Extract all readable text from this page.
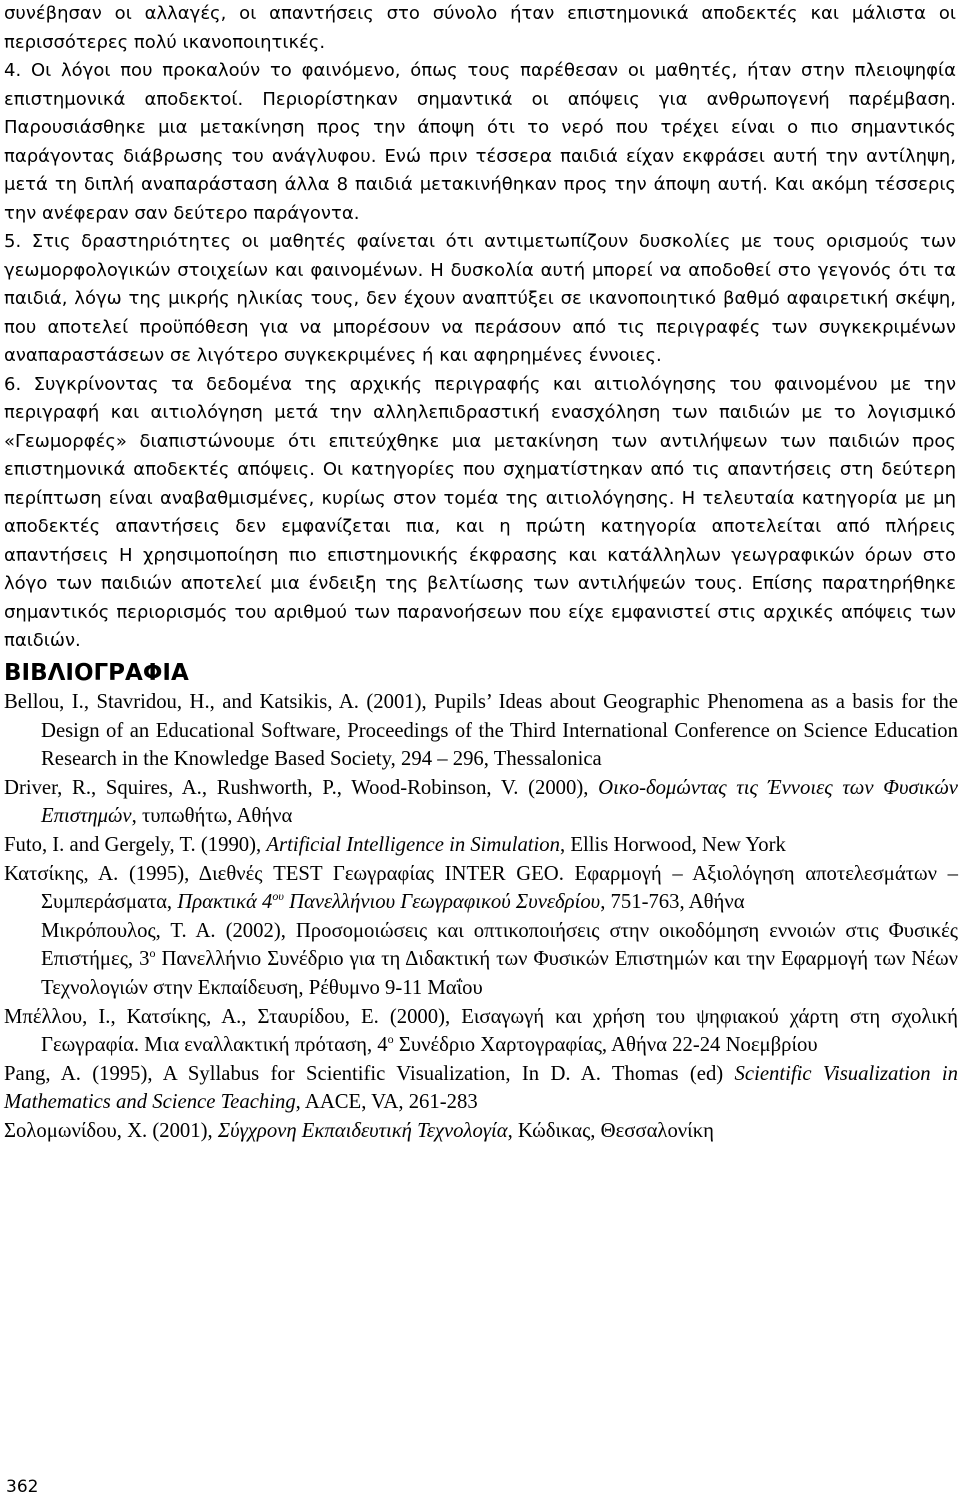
συνέβησαν οι αλλαγές, οι απαντήσεις στο σύνολο ήταν επιστημονικά αποδεκτές και μάλιστα οι περισσότερες πολύ ικανοποιητικές.

4. Οι λόγοι που προκαλούν το φαινόμενο, όπως τους παρέθεσαν οι μαθητές, ήταν στην πλειοψηφία επιστημονικά αποδεκτοί. Περιορίστηκαν σημαντικά οι απόψεις για ανθρωπογενή παρέμβαση. Παρουσιάσθηκε μια μετακίνηση προς την άποψη ότι το νερό που τρέχει είναι ο πιο σημαντικός παράγοντας διάβρωσης του ανάγλυφου. Ενώ πριν τέσσερα παιδιά είχαν εκφράσει αυτή την αντίληψη, μετά τη διπλή αναπαράσταση άλλα 8 παιδιά μετακινήθηκαν προς την άποψη αυτή. Και ακόμη τέσσερις την ανέφεραν σαν δεύτερο παράγοντα.

5. Στις δραστηριότητες οι μαθητές φαίνεται ότι αντιμετωπίζουν δυσκολίες με τους ορισμούς των γεωμορφολογικών στοιχείων και φαινομένων. Η δυσκολία αυτή μπορεί να αποδοθεί στο γεγονός ότι τα παιδιά, λόγω της μικρής ηλικίας τους, δεν έχουν αναπτύξει σε ικανοποιητικό βαθμό αφαιρετική σκέψη, που αποτελεί προϋπόθεση για να μπορέσουν να περάσουν από τις περιγραφές των συγκεκριμένων αναπαραστάσεων σε λιγότερο συγκεκριμένες ή και αφηρημένες έννοιες.

6. Συγκρίνοντας τα δεδομένα της αρχικής περιγραφής και αιτιολόγησης του φαινομένου με την περιγραφή και αιτιολόγηση μετά την αλληλεπιδραστική ενασχόληση των παιδιών με το λογισμικό «Γεωμορφές» διαπιστώνουμε ότι επιτεύχθηκε μια μετακίνηση των αντιλήψεων των παιδιών προς επιστημονικά αποδεκτές απόψεις. Οι κατηγορίες που σχηματίστηκαν από τις απαντήσεις στη δεύτερη περίπτωση είναι αναβαθμισμένες, κυρίως στον τομέα της αιτιολόγησης. Η τελευταία κατηγορία με μη αποδεκτές απαντήσεις δεν εμφανίζεται πια, και η πρώτη κατηγορία αποτελείται από πλήρεις απαντήσεις Η χρησιμοποίηση πιο επιστημονικής έκφρασης και κατάλληλων γεωγραφικών όρων στο λόγο των παιδιών αποτελεί μια ένδειξη της βελτίωσης των αντιλήψεών τους. Επίσης παρατηρήθηκε σημαντικός περιορισμός του αριθμού των παρανοήσεων που είχε εμφανιστεί στις αρχικές απόψεις των παιδιών.

ΒΙΒΛΙΟΓΡΑΦΙΑ

Bellou, I., Stavridou, H., and Katsikis, A. (2001), Pupils’ Ideas about Geographic Phenomena as a basis for the Design of an Educational Software, Proceedings of the Third International Conference on Science Education Research in the Knowledge Based Society, 294 – 296, Thessalonica

Driver, R., Squires, A., Rushworth, P., Wood-Robinson, V. (2000), Οικο-δομώντας τις Έννοιες των Φυσικών Επιστημών, τυπωθήτω, Αθήνα

Futo, I. and Gergely, T. (1990), Artificial Intelligence in Simulation, Ellis Horwood, New York

Κατσίκης, Α. (1995), Διεθνές TEST Γεωγραφίας INTER GEO. Εφαρμογή – Αξιολόγηση αποτελεσμάτων – Συμπεράσματα, Πρακτικά $4^{o\upsilon}$ Πανελλήνιου Γεωγραφικού Συνεδρίου, 751-763, Αθήνα

Μικρόπουλος, Τ. Α. (2002), Προσομοιώσεις και οπτικοποιήσεις στην οικοδόμηση εννοιών στις Φυσικές Επιστήμες, $3^o$ Πανελλήνιο Συνέδριο για τη Διδακτική των Φυσικών Επιστημών και την Εφαρμογή των Νέων Τεχνολογιών στην Εκπαίδευση, Ρέθυμνο 9-11 Μαΐου

Μπέλλου, Ι., Κατσίκης, Α., Σταυρίδου, Ε. (2000), Εισαγωγή και χρήση του ψηφιακού χάρτη στη σχολική Γεωγραφία. Μια εναλλακτική πρόταση, $4^o$ Συνέδριο Χαρτογραφίας, Αθήνα 22-24 Νοεμβρίου

Pang, A. (1995), A Syllabus for Scientific Visualization, In D. A. Thomas (ed) Scientific Visualization in Mathematics and Science Teaching, AACE, VA, 261-283

Σολομωνίδου, Χ. (2001), Σύγχρονη Εκπαιδευτική Τεχνολογία, Κώδικας, Θεσσαλονίκη

362
